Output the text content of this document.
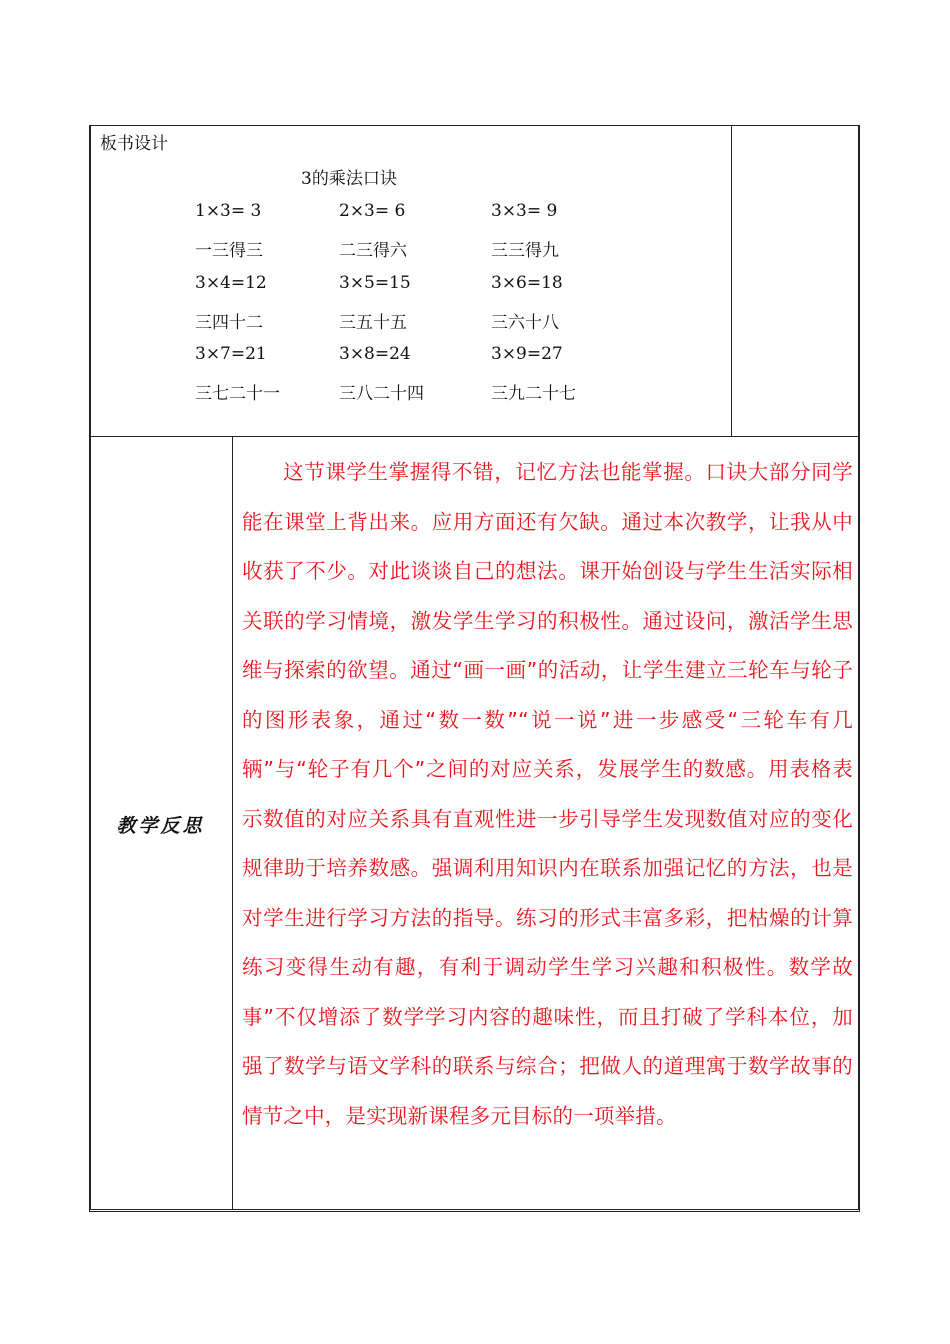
板书设计
3的乘法口诀
1×3= 3	2×3= 6	3×3= 9
一三得三	二三得六	三三得九
3×4=12	3×5=15	3×6=18
三四十二	三五十五	三六十八
3×7=21	3×8=24	3×9=27
三七二十一	三八二十四	三九二十七
教学反思
这节课学生掌握得不错，记忆方法也能掌握。口诀大部分同学能在课堂上背出来。应用方面还有欠缺。通过本次教学，让我从中收获了不少。对此谈谈自己的想法。课开始创设与学生生活实际相关联的学习情境，激发学生学习的积极性。通过设问，激活学生思维与探索的欲望。通过“画一画”的活动，让学生建立三轮车与轮子的图形表象，通过“数一数”“说一说”进一步感受“三轮车有几辆”与“轮子有几个”之间的对应关系，发展学生的数感。用表格表示数值的对应关系具有直观性进一步引导学生发现数值对应的变化规律助于培养数感。强调利用知识内在联系加强记忆的方法，也是对学生进行学习方法的指导。练习的形式丰富多彩，把枯燥的计算练习变得生动有趣，有利于调动学生学习兴趣和积极性。数学故事”不仅增添了数学学习内容的趣味性，而且打破了学科本位，加强了数学与语文学科的联系与综合；把做人的道理寓于数学故事的情节之中，是实现新课程多元目标的一项举措。
